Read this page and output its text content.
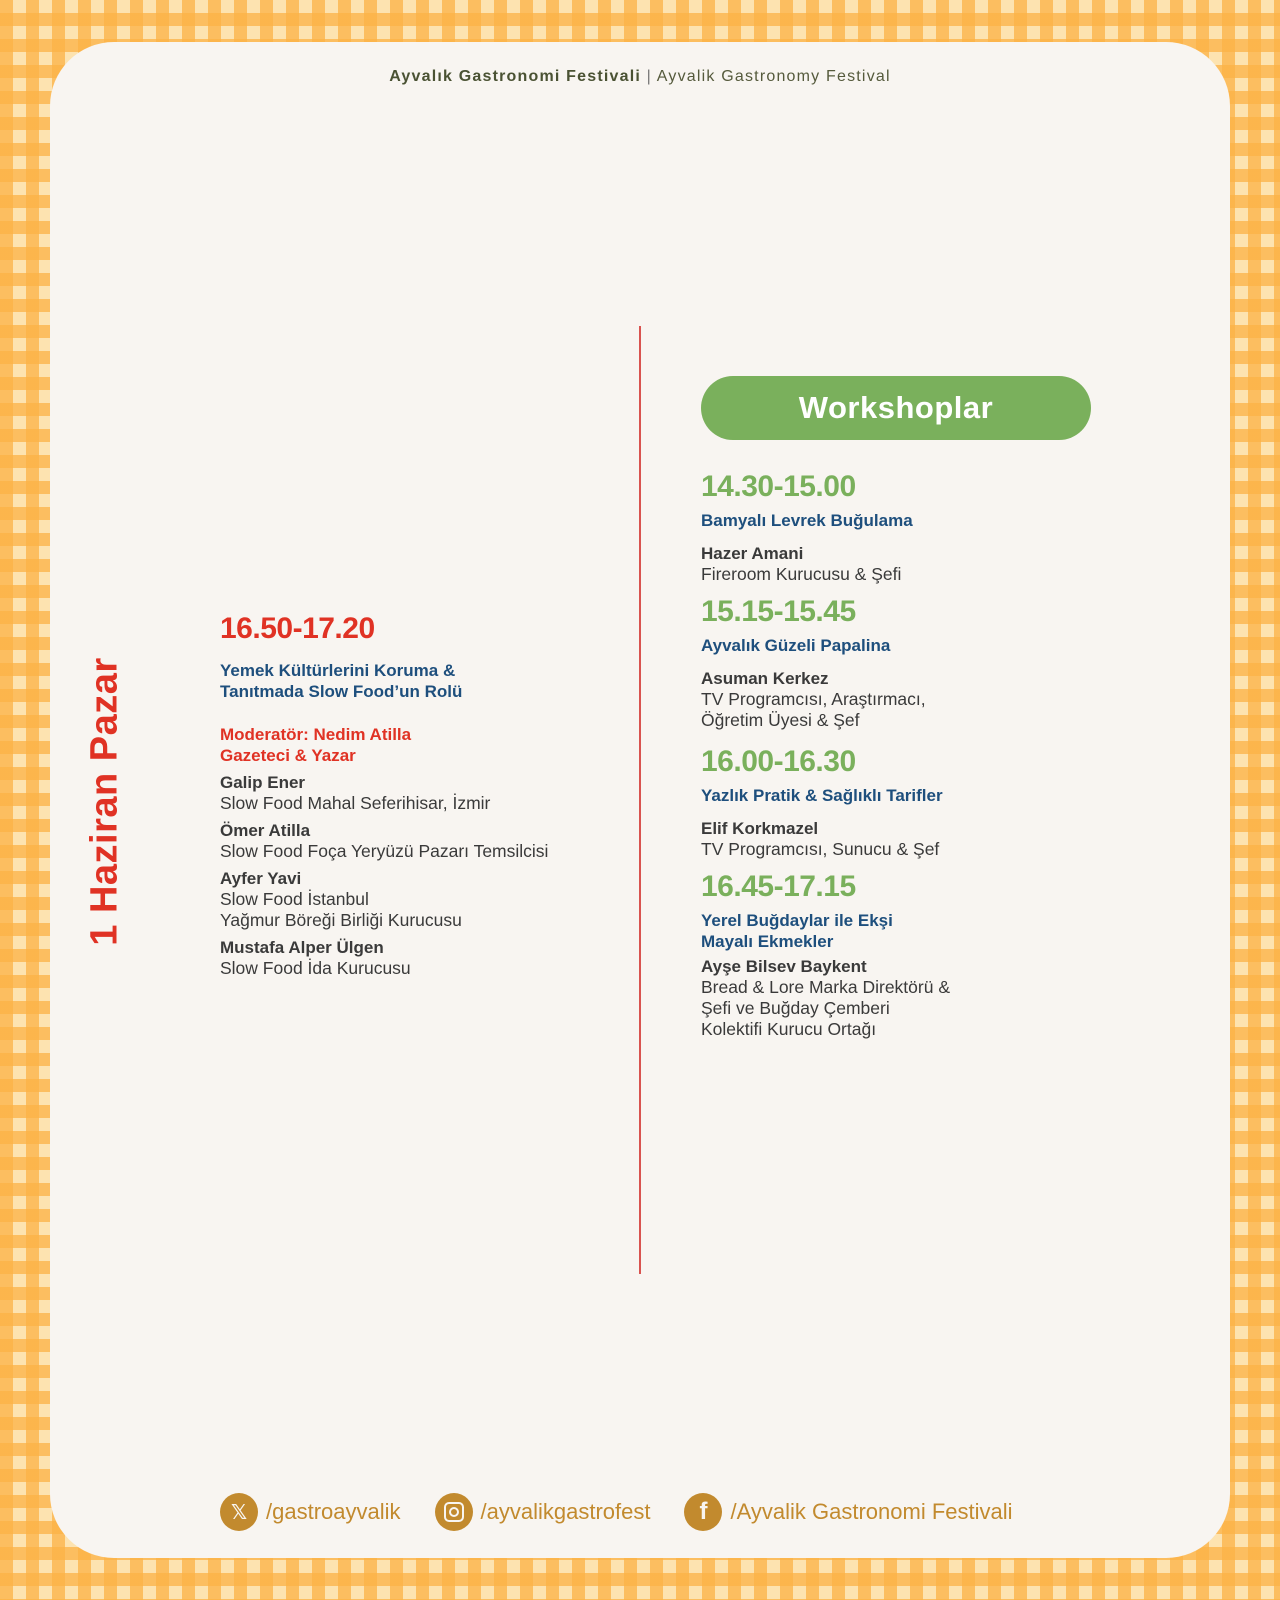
Ayvalık Gastronomi Festivali | Ayvalik Gastronomy Festival
1 Haziran Pazar
16.50-17.20
Yemek Kültürlerini Koruma &
Tanıtmada Slow Food’un Rolü
Moderatör: Nedim Atilla
Gazeteci & Yazar
Galip Ener
Slow Food Mahal Seferihisar, İzmir
Ömer Atilla
Slow Food Foça Yeryüzü Pazarı Temsilcisi
Ayfer Yavi
Slow Food İstanbul
Yağmur Böreği Birliği Kurucusu
Mustafa Alper Ülgen
Slow Food İda Kurucusu
Workshoplar
14.30-15.00
Bamyalı Levrek Buğulama
Hazer Amani
Fireroom Kurucusu & Şefi
15.15-15.45
Ayvalık Güzeli Papalina
Asuman Kerkez
TV Programcısı, Araştırmacı,
Öğretim Üyesi & Şef
16.00-16.30
Yazlık Pratik & Sağlıklı Tarifler
Elif Korkmazel
TV Programcısı, Sunucu & Şef
16.45-17.15
Yerel Buğdaylar ile Ekşi
Mayalı Ekmekler
Ayşe Bilsev Baykent
Bread & Lore Marka Direktörü &
Şefi ve Buğday Çemberi
Kolektifi Kurucu Ortağı
𝕏 /gastroayvalik	/ayvalikgastrofest	f	/Ayvalik Gastronomi Festivali
